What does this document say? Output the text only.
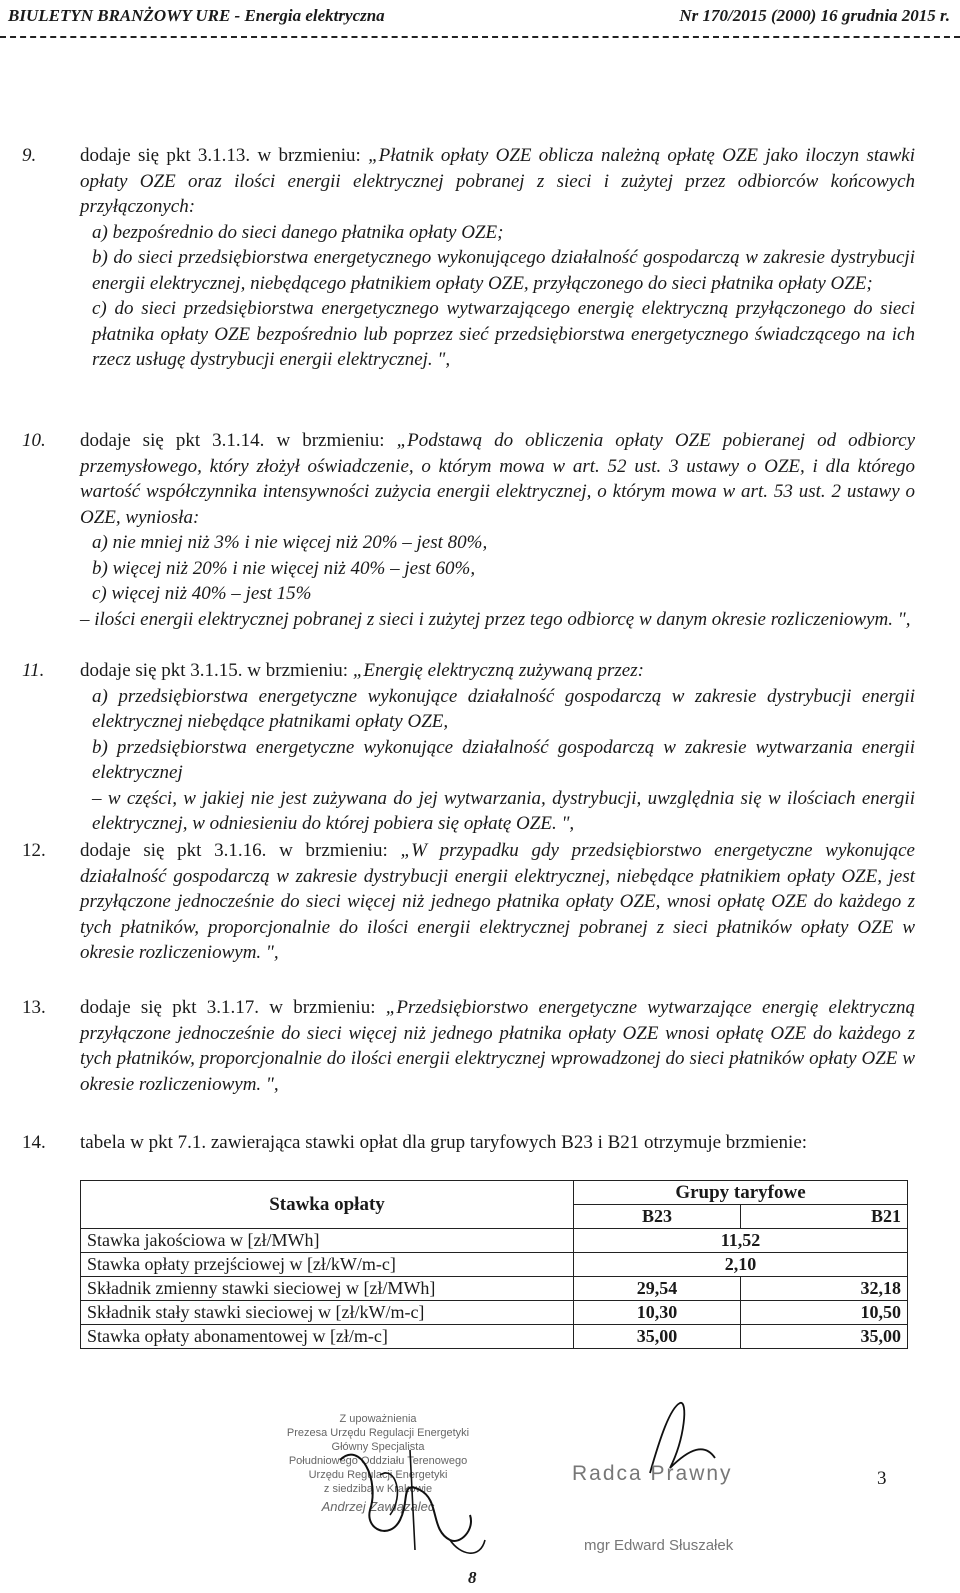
BIULETYN BRANŻOWY URE - Energia elektryczna	Nr 170/2015 (2000) 16 grudnia 2015 r.
9. dodaje się pkt 3.1.13. w brzmieniu: „Płatnik opłaty OZE oblicza należną opłatę OZE jako iloczyn stawki opłaty OZE oraz ilości energii elektrycznej pobranej z sieci i zużytej przez odbiorców końcowych przyłączonych:
a) bezpośrednio do sieci danego płatnika opłaty OZE;
b) do sieci przedsiębiorstwa energetycznego wykonującego działalność gospodarczą w zakresie dystrybucji energii elektrycznej, niebędącego płatnikiem opłaty OZE, przyłączonego do sieci płatnika opłaty OZE;
c) do sieci przedsiębiorstwa energetycznego wytwarzającego energię elektryczną przyłączonego do sieci płatnika opłaty OZE bezpośrednio lub poprzez sieć przedsiębiorstwa energetycznego świadczącego na ich rzecz usługę dystrybucji energii elektrycznej. ",
10. dodaje się pkt 3.1.14. w brzmieniu: „Podstawą do obliczenia opłaty OZE pobieranej od odbiorcy przemysłowego, który złożył oświadczenie, o którym mowa w art. 52 ust. 3 ustawy o OZE, i dla którego wartość współczynnika intensywności zużycia energii elektrycznej, o którym mowa w art. 53 ust. 2 ustawy o OZE, wyniosła:
a) nie mniej niż 3% i nie więcej niż 20% – jest 80%,
b) więcej niż 20% i nie więcej niż 40% – jest 60%,
c) więcej niż 40% – jest 15%
– ilości energii elektrycznej pobranej z sieci i zużytej przez tego odbiorcę w danym okresie rozliczeniowym. ",
11. dodaje się pkt 3.1.15. w brzmieniu: „Energię elektryczną zużywaną przez:
a) przedsiębiorstwa energetyczne wykonujące działalność gospodarczą w zakresie dystrybucji energii elektrycznej niebędące płatnikami opłaty OZE,
b) przedsiębiorstwa energetyczne wykonujące działalność gospodarczą w zakresie wytwarzania energii elektrycznej
– w części, w jakiej nie jest zużywana do jej wytwarzania, dystrybucji, uwzględnia się w ilościach energii elektrycznej, w odniesieniu do której pobiera się opłatę OZE. ",
12. dodaje się pkt 3.1.16. w brzmieniu: „W przypadku gdy przedsiębiorstwo energetyczne wykonujące działalność gospodarczą w zakresie dystrybucji energii elektrycznej, niebędące płatnikiem opłaty OZE, jest przyłączone jednocześnie do sieci więcej niż jednego płatnika opłaty OZE, wnosi opłatę OZE do każdego z tych płatników, proporcjonalnie do ilości energii elektrycznej pobranej z sieci płatników opłaty OZE w okresie rozliczeniowym. ",
13. dodaje się pkt 3.1.17. w brzmieniu: „Przedsiębiorstwo energetyczne wytwarzające energię elektryczną przyłączone jednocześnie do sieci więcej niż jednego płatnika opłaty OZE wnosi opłatę OZE do każdego z tych płatników, proporcjonalnie do ilości energii elektrycznej wprowadzonej do sieci płatników opłaty OZE w okresie rozliczeniowym. ",
14. tabela w pkt 7.1. zawierająca stawki opłat dla grup taryfowych B23 i B21 otrzymuje brzmienie:
Stawka opłaty	Grupy taryfowe	
	B23	B21
Stawka jakościowa w [zł/MWh]	11,52	
Stawka opłaty przejściowej w [zł/kW/m-c]	2,10	
Składnik zmienny stawki sieciowej w [zł/MWh]	29,54	32,18
Składnik stały stawki sieciowej w [zł/kW/m-c]	10,30	10,50
Stawka opłaty abonamentowej w [zł/m-c]	35,00	35,00
Z upoważnienia
Prezesa Urzędu Regulacji Energetyki
Główny Specjalista
Południowego Oddziału Terenowego
Urzędu Regulacji Energetyki
z siedzibą w Krakowie
Andrzej Zawiązalec
Radca Prawny
mgr Edward Słuszałek
3
8
